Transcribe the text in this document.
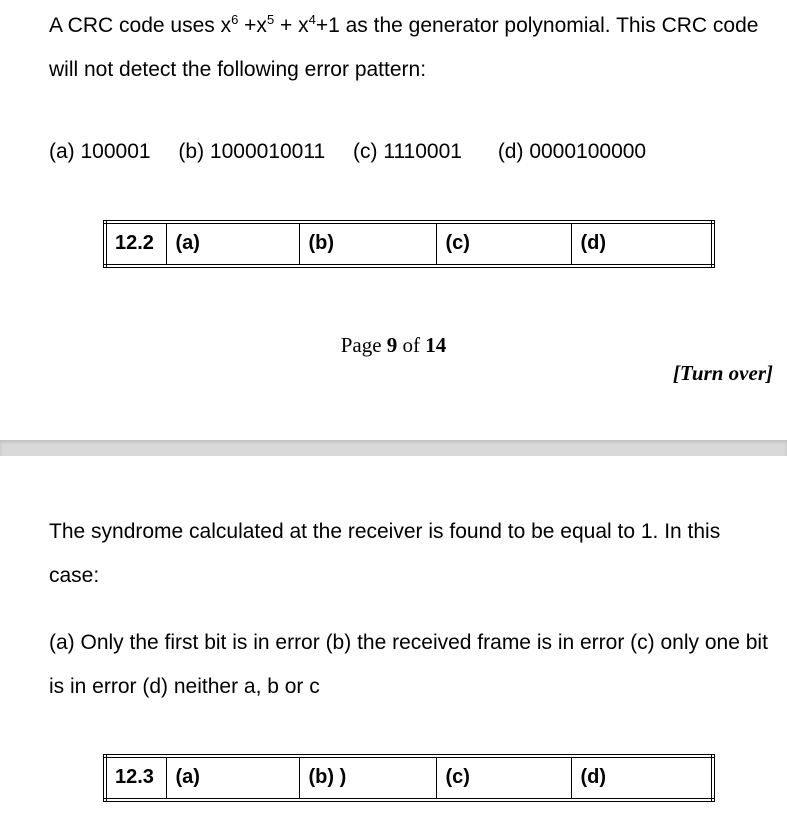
A CRC code uses $x^6 +x^5 + x^4+1$ as the generator polynomial. This CRC code will not detect the following error pattern:

(a) 100001 (b) 1000010011 (c) 1110001 (d) 0000100000

12.2	(a)	(b)	(c)	(d)
Page 9 of 14
[Turn over]

The syndrome calculated at the receiver is found to be equal to 1. In this case:

(a) Only the first bit is in error (b) the received frame is in error (c) only one bit is in error (d) neither a, b or c

12.3	(a)	(b) )	(c)	(d)
